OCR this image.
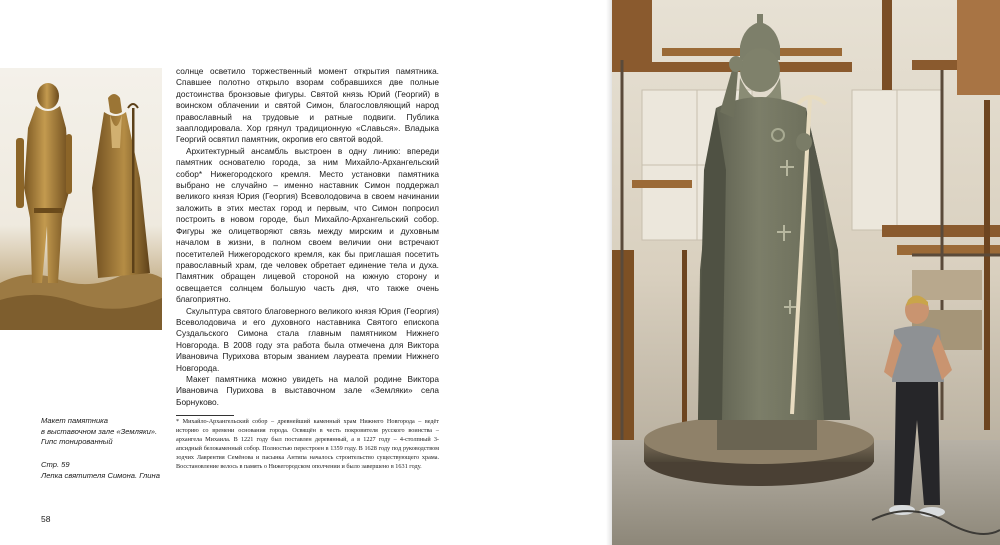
Макет памятника
в выставочном зале «Земляки».
Гипс тонированный
Стр. 59
Лепка святителя Симона. Глина

солнце осветило торжественный момент открытия памятника. Спавшее полотно открыло взорам собравшихся две полные достоинства бронзовые фигуры. Святой князь Юрий (Георгий) в воинском облачении и святой Симон, благословляющий народ православный на трудовые и ратные подвиги. Публика зааплодировала. Хор грянул традиционную «Славься». Владыка Георгий освятил памятник, окропив его святой водой.

Архитектурный ансамбль выстроен в одну линию: впереди памятник основателю города, за ним Михайло-Архангельский собор* Нижегородского кремля. Место установки памятника выбрано не случайно – именно наставник Симон поддержал великого князя Юрия (Георгия) Всеволодовича в своем начинании заложить в этих местах город и первым, что Симон попросил построить в новом городе, был Михайло-Архангельский собор. Фигуры же олицетворяют связь между мирским и духовным началом в жизни, в полном своем величии они встречают посетителей Нижегородского кремля, как бы приглашая посетить православный храм, где человек обретает единение тела и духа. Памятник обращен лицевой стороной на южную сторону и освещается солнцем большую часть дня, что также очень благоприятно.

Скульптура святого благоверного великого князя Юрия (Георгия) Всеволодовича и его духовного наставника Святого епископа Суздальского Симона стала главным памятником Нижнего Новгорода. В 2008 году эта работа была отмечена для Виктора Ивановича Пурихова вторым званием лауреата премии Нижнего Новгорода.

Макет памятника можно увидеть на малой родине Виктора Ивановича Пурихова в выставочном зале «Земляки» села Борнуково.

* Михайло-Архангельский собор – древнейший каменный храм Нижнего Новгорода – ведёт историю со времени основания города. Освящён в честь покровителя русского воинства – архангела Михаила. В 1221 году был поставлен деревянный, а в 1227 году – 4-столпный 3-апсидный белокаменный собор. Полностью перестроен в 1359 году. В 1628 году под руководством зодчих Лаврентия Семёнова и пасынка Антипа началось строительство существующего храма. Восстановление велось в память о Нижегородском ополчении и было завершено в 1631 году.
58
